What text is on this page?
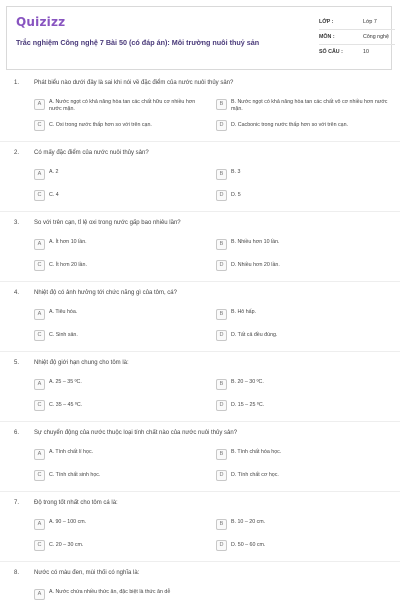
Quizizz
Trắc nghiệm Công nghệ 7 Bài 50 (có đáp án): Môi trường nuôi thuỷ sản
LỚP :	Lớp 7
MÔN :	Công nghệ
SỐ CÂU :	10
1. Phát biểu nào dưới đây là sai khi nói về đặc điểm của nước nuôi thủy sản?
A	A. Nước ngọt có khả năng hòa tan các chất hữu cơ nhiều hơn nước mặn.
B	B. Nước ngọt có khả năng hòa tan các chất vô cơ nhiều hơn nước mặn.
C	C. Oxi trong nước thấp hơn so với trên cạn.	D	D. Cacbonic trong nước thấp hơn so với trên cạn.
2. Có mấy đặc điểm của nước nuôi thủy sản?
A	A. 2	B	B. 3
C	C. 4	D	D. 5
3. So với trên cạn, tỉ lệ oxi trong nước gấp bao nhiêu lần?
A	A. Ít hơn 10 lần.	B	B. Nhiều hơn 10 lần.
C	C. Ít hơn 20 lần.	D	D. Nhiều hơn 20 lần.
4. Nhiệt độ có ảnh hưởng tới chức năng gì của tôm, cá?
A	A. Tiêu hóa.	B	B. Hô hấp.
C	C. Sinh sản.	D	D. Tất cả đều đúng.
5. Nhiệt độ giới hạn chung cho tôm là:
A	A. 25 – 35 ºC.	B	B. 20 – 30 ºC.
C	C. 35 – 45 ºC.	D	D. 15 – 25 ºC.
6. Sự chuyển động của nước thuộc loại tính chất nào của nước nuôi thủy sản?
A	A. Tính chất lí học.	B	B. Tính chất hóa học.
C	C. Tính chất sinh học.	D	D. Tính chất cơ học.
7. Độ trong tốt nhất cho tôm cá là:
A	A. 90 – 100 cm.	B	B. 10 – 20 cm.
C	C. 20 – 30 cm.	D	D. 50 – 60 cm.
8. Nước có màu đen, mùi thối có nghĩa là:
A	A. Nước chứa nhiều thức ăn, đặc biệt là thức ăn dễ
